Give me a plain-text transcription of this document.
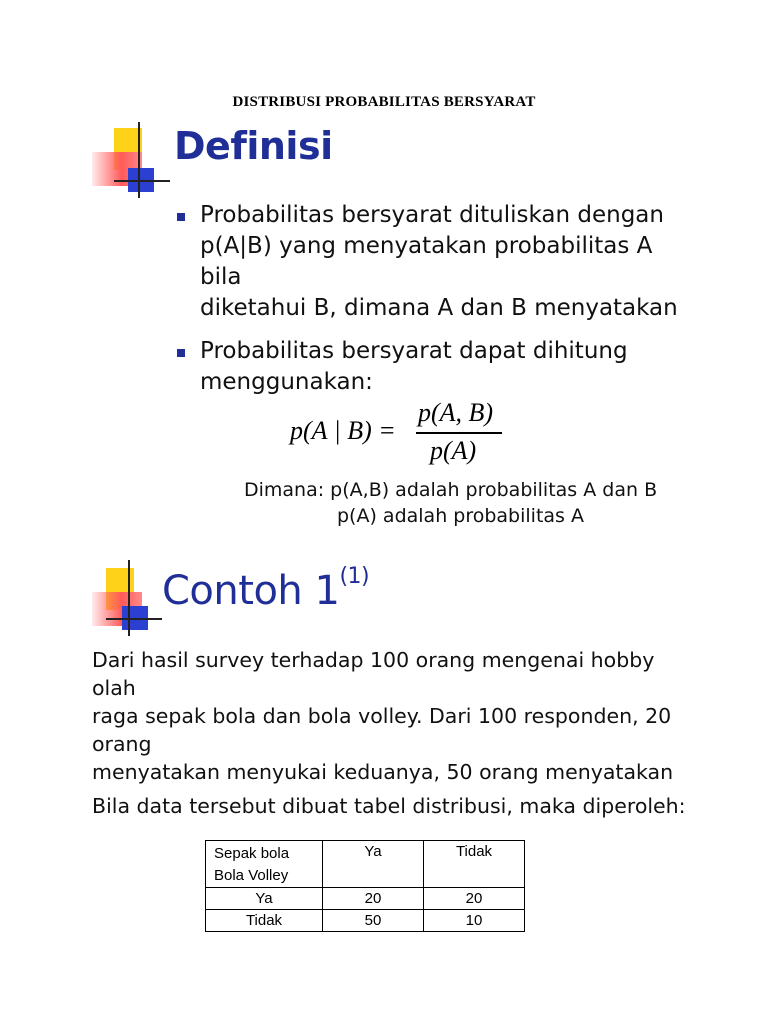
DISTRIBUSI PROBABILITAS BERSYARAT
Definisi
Probabilitas bersyarat dituliskan dengan
p(A|B) yang menyatakan probabilitas A bila
diketahui B, dimana A dan B menyatakan

Probabilitas bersyarat dapat dihitung
menggunakan:
p(A | B) =
p(A, B)
p(A)
Dimana: p(A,B) adalah probabilitas A dan B
p(A) adalah probabilitas A
Contoh 1$^{(1)}$
Dari hasil survey terhadap 100 orang mengenai hobby olah
raga sepak bola dan bola volley. Dari 100 responden, 20 orang
menyatakan menyukai keduanya, 50 orang menyatakan

Bila data tersebut dibuat tabel distribusi, maka diperoleh:
Sepak bola
Bola Volley	Ya	Tidak
Ya	20	20
Tidak	50	10
